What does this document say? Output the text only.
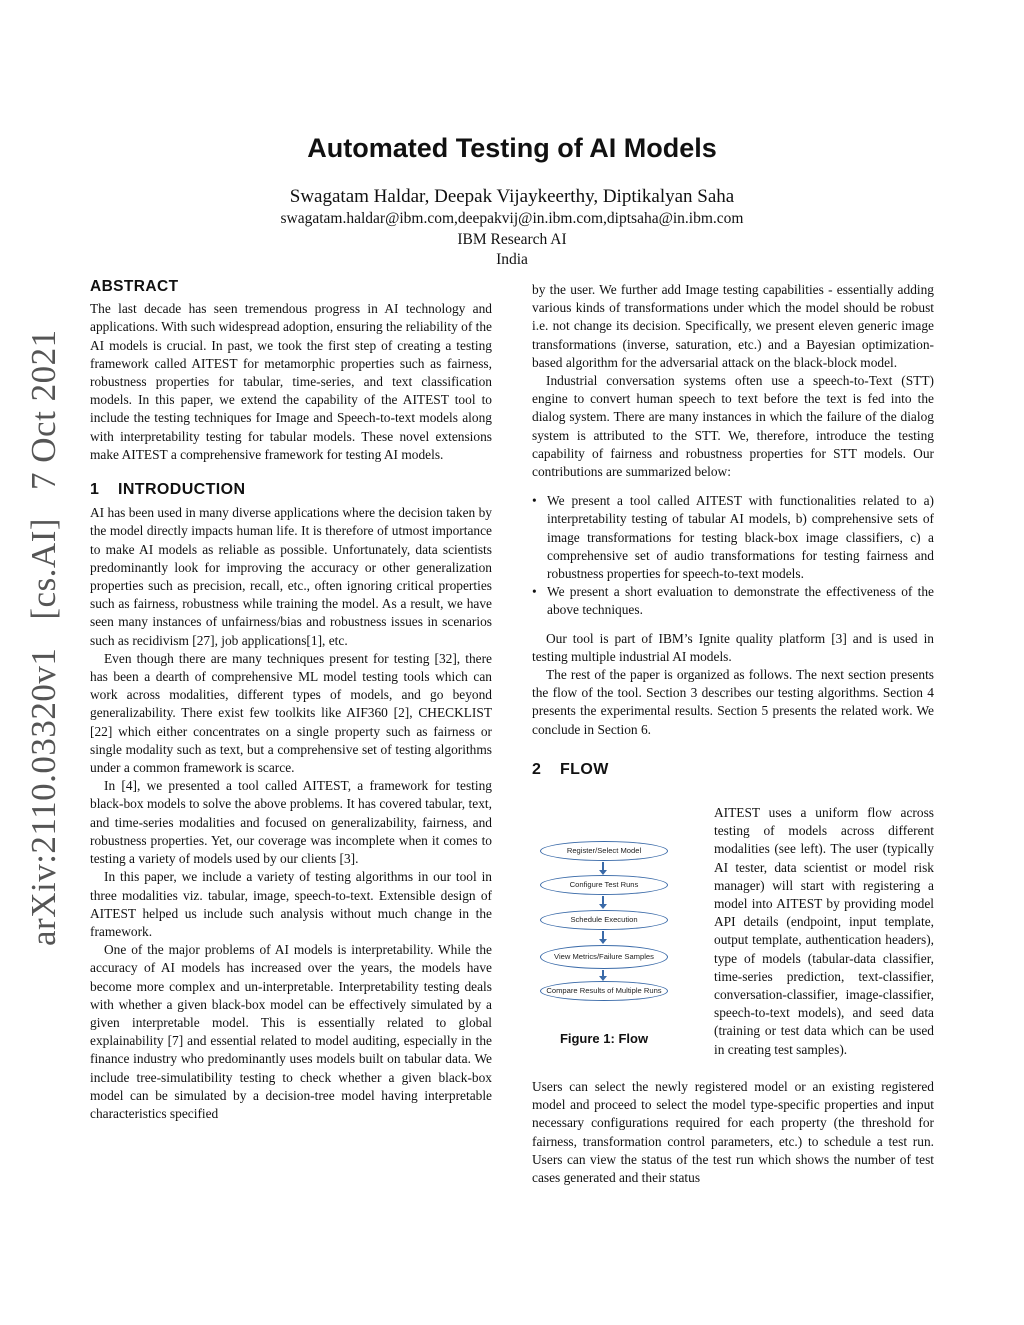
arXiv:2110.03320v1[cs.AI]7 Oct 2021
Automated Testing of AI Models
Swagatam Haldar, Deepak Vijaykeerthy, Diptikalyan Saha
swagatam.haldar@ibm.com,deepakvij@in.ibm.com,diptsaha@in.ibm.com
IBM Research AI
India
ABSTRACT

The last decade has seen tremendous progress in AI technology and applications. With such widespread adoption, ensuring the reliability of the AI models is crucial. In past, we took the first step of creating a testing framework called AITEST for metamorphic properties such as fairness, robustness properties for tabular, time-series, and text classification models. In this paper, we extend the capability of the AITEST tool to include the testing techniques for Image and Speech-to-text models along with interpretability testing for tabular models. These novel extensions make AITEST a comprehensive framework for testing AI models.

1 INTRODUCTION

AI has been used in many diverse applications where the decision taken by the model directly impacts human life. It is therefore of utmost importance to make AI models as reliable as possible. Unfortunately, data scientists predominantly look for improving the accuracy or other generalization properties such as precision, recall, etc., often ignoring critical properties such as fairness, robustness while training the model. As a result, we have seen many instances of unfairness/bias and robustness issues in scenarios such as recidivism [27], job applications[1], etc.

Even though there are many techniques present for testing [32], there has been a dearth of comprehensive ML model testing tools which can work across modalities, different types of models, and go beyond generalizability. There exist few toolkits like AIF360 [2], CHECKLIST [22] which either concentrates on a single property such as fairness or single modality such as text, but a comprehensive set of testing algorithms under a common framework is scarce.

In [4], we presented a tool called AITEST, a framework for testing black-box models to solve the above problems. It has covered tabular, text, and time-series modalities and focused on generalizability, fairness, and robustness properties. Yet, our coverage was incomplete when it comes to testing a variety of models used by our clients [3].

In this paper, we include a variety of testing algorithms in our tool in three modalities viz. tabular, image, speech-to-text. Extensible design of AITEST helped us include such analysis without much change in the framework.

One of the major problems of AI models is interpretability. While the accuracy of AI models has increased over the years, the models have become more complex and un-interpretable. Interpretability testing deals with whether a given black-box model can be effectively simulated by a given interpretable model. This is essentially related to global explainability [7] and essential related to model auditing, especially in the finance industry who predominantly uses models built on tabular data. We include tree-simulatibility testing to check whether a given black-box model can be simulated by a decision-tree model having interpretable characteristics specified

by the user. We further add Image testing capabilities - essentially adding various kinds of transformations under which the model should be robust i.e. not change its decision. Specifically, we present eleven generic image transformations (inverse, saturation, etc.) and a Bayesian optimization-based algorithm for the adversarial attack on the black-block model.

Industrial conversation systems often use a speech-to-Text (STT) engine to convert human speech to text before the text is fed into the dialog system. There are many instances in which the failure of the dialog system is attributed to the STT. We, therefore, introduce the testing capability of fairness and robustness properties for STT models. Our contributions are summarized below:

• We present a tool called AITEST with functionalities related to a) interpretability testing of tabular AI models, b) comprehensive sets of image transformations for testing black-box image classifiers, c) a comprehensive set of audio transformations for testing fairness and robustness properties for speech-to-text models.
• We present a short evaluation to demonstrate the effectiveness of the above techniques.

Our tool is part of IBM’s Ignite quality platform [3] and is used in testing multiple industrial AI models.

The rest of the paper is organized as follows. The next section presents the flow of the tool. Section 3 describes our testing algorithms. Section 4 presents the experimental results. Section 5 presents the related work. We conclude in Section 6.

2 FLOW
Register/Select Model
Configure Test Runs
Schedule Execution
View Metrics/Failure Samples
Compare Results of Multiple Runs
Figure 1: Flow
AITEST uses a uniform flow across testing of models across different modalities (see left). The user (typically AI tester, data scientist or model risk manager) will start with registering a model into AITEST by providing model API details (endpoint, input template, output template, authentication headers), type of models (tabular-data classifier, time-series prediction, text-classifier, conversation-classifier, image-classifier, speech-to-text models), and seed data (training or test data which can be used in creating test samples).
Users can select the newly registered model or an existing registered model and proceed to select the model type-specific properties and input necessary configurations required for each property (the threshold for fairness, transformation control parameters, etc.) to schedule a test run. Users can view the status of the test run which shows the number of test cases generated and their status
